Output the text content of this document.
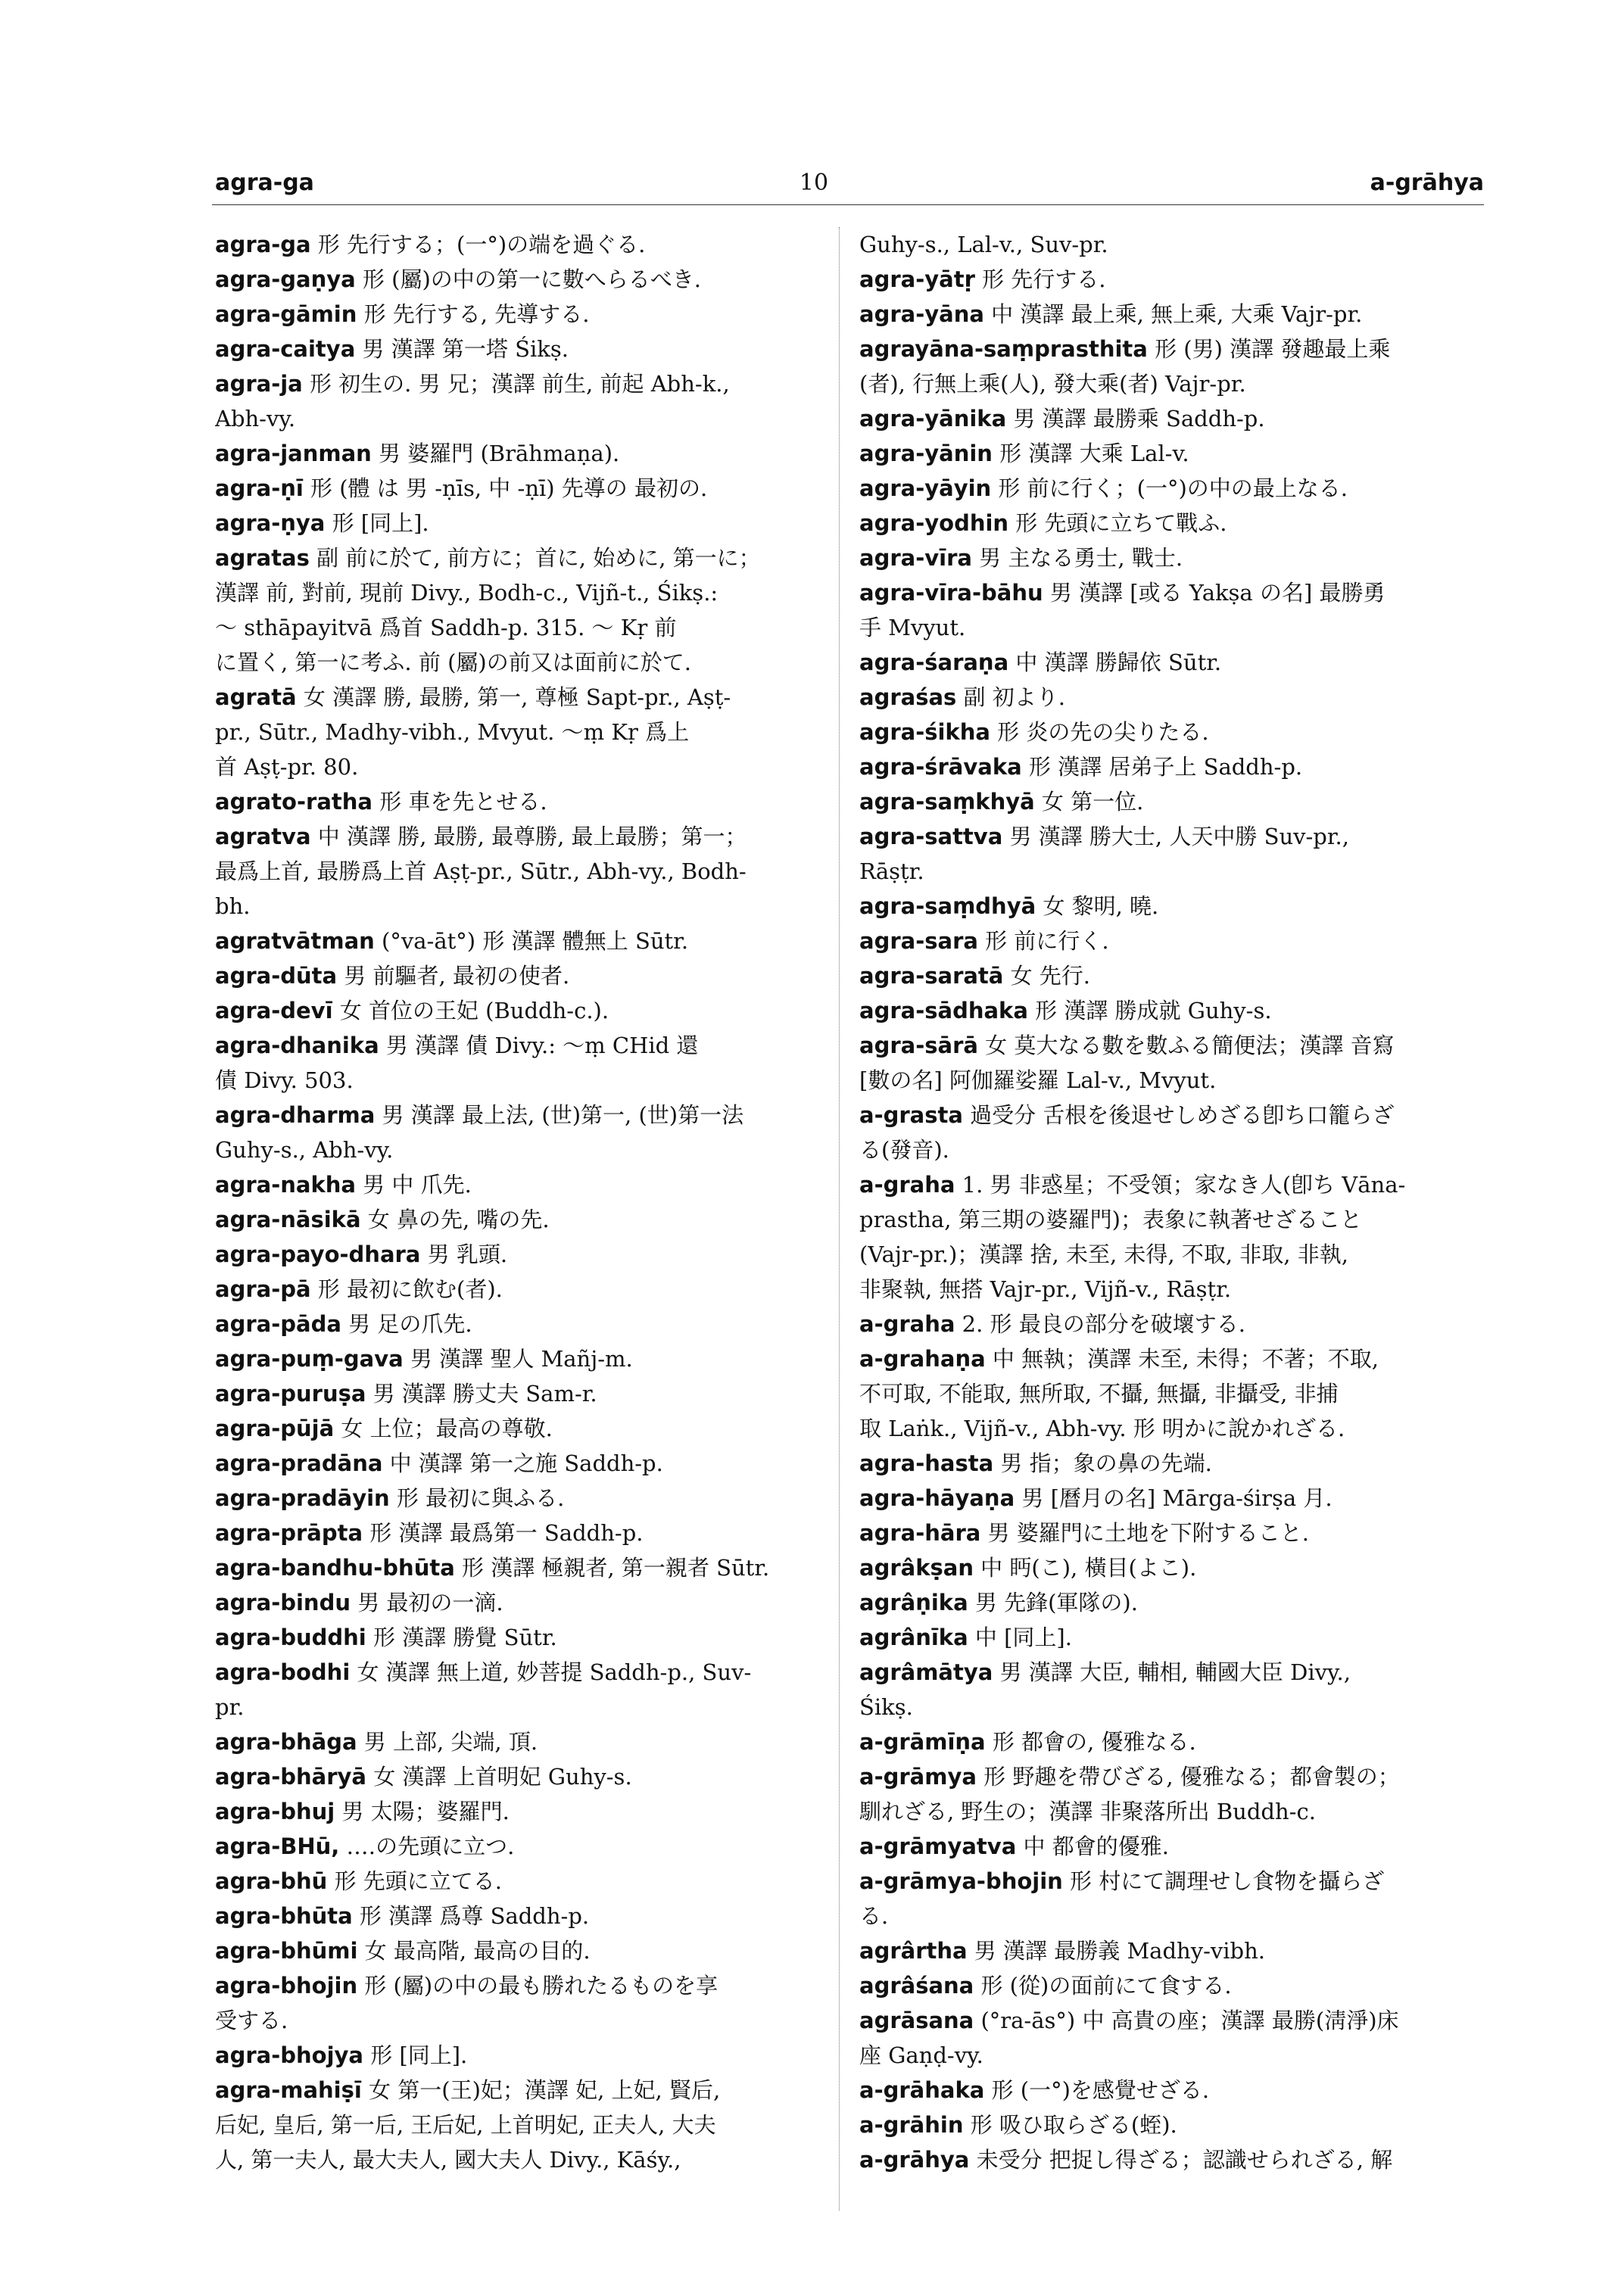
agra-ga	10	a-grāhya
agra-ga 形 先行する；(一°)の端を過ぐる.
agra-gaṇya 形 (屬)の中の第一に數へらるべき.
agra-gāmin 形 先行する, 先導する.
agra-caitya 男 漢譯 第一塔 Śikṣ.
agra-ja 形 初生の. 男 兄；漢譯 前生, 前起 Abh-k.,
Abh-vy.
agra-janman 男 婆羅門 (Brāhmaṇa).
agra-ṇī 形 (體 は 男 -ṇīs, 中 -ṇī) 先導の 最初の.
agra-ṇya 形 [同上].
agratas 副 前に於て, 前方に；首に, 始めに, 第一に；
漢譯 前, 對前, 現前 Divy., Bodh-c., Vijñ-t., Śikṣ.:
〜 sthāpayitvā 爲首 Saddh-p. 315. 〜 Kṛ 前
に置く, 第一に考ふ. 前 (屬)の前又は面前に於て.
agratā 女 漢譯 勝, 最勝, 第一, 尊極 Sapt-pr., Aṣṭ-
pr., Sūtr., Madhy-vibh., Mvyut. 〜ṃ Kṛ 爲上
首 Aṣṭ-pr. 80.
agrato-ratha 形 車を先とせる.
agratva 中 漢譯 勝, 最勝, 最尊勝, 最上最勝；第一；
最爲上首, 最勝爲上首 Aṣṭ-pr., Sūtr., Abh-vy., Bodh-
bh.
agratvātman (°va-āt°) 形 漢譯 體無上 Sūtr.
agra-dūta 男 前驅者, 最初の使者.
agra-devī 女 首位の王妃 (Buddh-c.).
agra-dhanika 男 漢譯 債 Divy.: 〜ṃ CHid 還
債 Divy. 503.
agra-dharma 男 漢譯 最上法, (世)第一, (世)第一法
Guhy-s., Abh-vy.
agra-nakha 男 中 爪先.
agra-nāsikā 女 鼻の先, 嘴の先.
agra-payo-dhara 男 乳頭.
agra-pā 形 最初に飲む(者).
agra-pāda 男 足の爪先.
agra-puṃ-gava 男 漢譯 聖人 Mañj-m.
agra-puruṣa 男 漢譯 勝丈夫 Sam-r.
agra-pūjā 女 上位；最高の尊敬.
agra-pradāna 中 漢譯 第一之施 Saddh-p.
agra-pradāyin 形 最初に與ふる.
agra-prāpta 形 漢譯 最爲第一 Saddh-p.
agra-bandhu-bhūta 形 漢譯 極親者, 第一親者 Sūtr.
agra-bindu 男 最初の一滴.
agra-buddhi 形 漢譯 勝覺 Sūtr.
agra-bodhi 女 漢譯 無上道, 妙菩提 Saddh-p., Suv-
pr.
agra-bhāga 男 上部, 尖端, 頂.
agra-bhāryā 女 漢譯 上首明妃 Guhy-s.
agra-bhuj 男 太陽；婆羅門.
agra-BHū, ‥‥の先頭に立つ.
agra-bhū 形 先頭に立てる.
agra-bhūta 形 漢譯 爲尊 Saddh-p.
agra-bhūmi 女 最高階, 最高の目的.
agra-bhojin 形 (屬)の中の最も勝れたるものを享
受する.
agra-bhojya 形 [同上].
agra-mahiṣī 女 第一(王)妃；漢譯 妃, 上妃, 賢后,
后妃, 皇后, 第一后, 王后妃, 上首明妃, 正夫人, 大夫
人, 第一夫人, 最大夫人, 國大夫人 Divy., Kāśy.,
Guhy-s., Lal-v., Suv-pr.
agra-yātṛ 形 先行する.
agra-yāna 中 漢譯 最上乘, 無上乘, 大乘 Vajr-pr.
agrayāna-saṃprasthita 形 (男) 漢譯 發趣最上乘
(者), 行無上乘(人), 發大乘(者) Vajr-pr.
agra-yānika 男 漢譯 最勝乘 Saddh-p.
agra-yānin 形 漢譯 大乘 Lal-v.
agra-yāyin 形 前に行く；(一°)の中の最上なる.
agra-yodhin 形 先頭に立ちて戰ふ.
agra-vīra 男 主なる勇士, 戰士.
agra-vīra-bāhu 男 漢譯 [或る Yakṣa の名] 最勝勇
手 Mvyut.
agra-śaraṇa 中 漢譯 勝歸依 Sūtr.
agraśas 副 初より.
agra-śikha 形 炎の先の尖りたる.
agra-śrāvaka 形 漢譯 居弟子上 Saddh-p.
agra-saṃkhyā 女 第一位.
agra-sattva 男 漢譯 勝大士, 人天中勝 Suv-pr.,
Rāṣṭr.
agra-saṃdhyā 女 黎明, 曉.
agra-sara 形 前に行く.
agra-saratā 女 先行.
agra-sādhaka 形 漢譯 勝成就 Guhy-s.
agra-sārā 女 莫大なる數を數ふる簡便法；漢譯 音寫
[數の名] 阿伽羅娑羅 Lal-v., Mvyut.
a-grasta 過受分 舌根を後退せしめざる卽ち口籠らざ
る(發音).
a-graha 1. 男 非惑星；不受領；家なき人(卽ち Vāna-
prastha, 第三期の婆羅門)；表象に執著せざること
(Vajr-pr.)；漢譯 捨, 未至, 未得, 不取, 非取, 非執,
非聚執, 無搭 Vajr-pr., Vijñ-v., Rāṣṭr.
a-graha 2. 形 最良の部分を破壞する.
a-grahaṇa 中 無執；漢譯 未至, 未得；不著；不取,
不可取, 不能取, 無所取, 不攝, 無攝, 非攝受, 非捕
取 Laṅk., Vijñ-v., Abh-vy. 形 明かに說かれざる.
agra-hasta 男 指；象の鼻の先端.
agra-hāyaṇa 男 [曆月の名] Mārga-śirṣa 月.
agra-hāra 男 婆羅門に土地を下附すること.
agrâkṣan 中 眄(こ), 橫目(よこ).
agrâṇika 男 先鋒(軍隊の).
agrânīka 中 [同上].
agrâmātya 男 漢譯 大臣, 輔相, 輔國大臣 Divy.,
Śikṣ.
a-grāmīṇa 形 都會の, 優雅なる.
a-grāmya 形 野趣を帶びざる, 優雅なる；都會製の；
馴れざる, 野生の；漢譯 非聚落所出 Buddh-c.
a-grāmyatva 中 都會的優雅.
a-grāmya-bhojin 形 村にて調理せし食物を攝らざ
る.
agrârtha 男 漢譯 最勝義 Madhy-vibh.
agrâśana 形 (從)の面前にて食する.
agrāsana (°ra-ās°) 中 高貴の座；漢譯 最勝(淸淨)床
座 Gaṇḍ-vy.
a-grāhaka 形 (一°)を感覺せざる.
a-grāhin 形 吸ひ取らざる(蛭).
a-grāhya 未受分 把捉し得ざる；認識せられざる, 解
